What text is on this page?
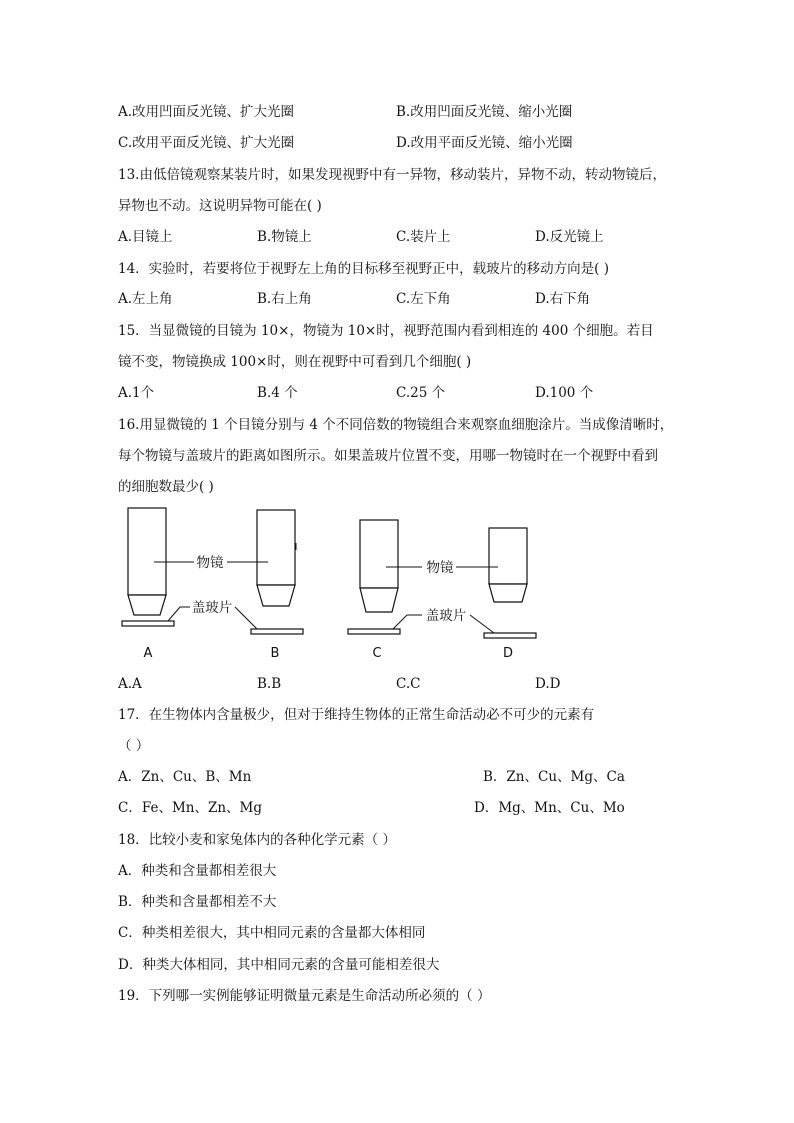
A.改用凹面反光镜、扩大光圈	B.改用凹面反光镜、缩小光圈
C.改用平面反光镜、扩大光圈	D.改用平面反光镜、缩小光圈
13.由低倍镜观察某装片时，如果发现视野中有一异物，移动装片，异物不动，转动物镜后，
异物也不动。这说明异物可能在( )
A.目镜上	B.物镜上	C.装片上	D.反光镜上
14．实验时，若要将位于视野左上角的目标移至视野正中，载玻片的移动方向是( )
A.左上角	B.右上角	C.左下角	D.右下角
15．当显微镜的目镜为 10×，物镜为 10×时，视野范围内看到相连的 400 个细胞。若目
镜不变，物镜换成 100×时，则在视野中可看到几个细胞( )
A.1个	B.4 个	C.25 个	D.100 个
16.用显微镜的 1 个目镜分别与 4 个不同倍数的物镜组合来观察血细胞涂片。当成像清晰时，
每个物镜与盖玻片的距离如图所示。如果盖玻片位置不变，用哪一物镜时在一个视野中看到
的细胞数最少( )
物镜
盖玻片
物镜
盖玻片
A	B	C	D
A.A	B.B	C.C	D.D
17．在生物体内含量极少，但对于维持生物体的正常生命活动必不可少的元素有
（ ）
A．Zn、Cu、B、Mn	B．Zn、Cu、Mg、Ca
C．Fe、Mn、Zn、Mg	D．Mg、Mn、Cu、Mo
18．比较小麦和家兔体内的各种化学元素（ ）
A．种类和含量都相差很大
B．种类和含量都相差不大
C．种类相差很大，其中相同元素的含量都大体相同
D．种类大体相同，其中相同元素的含量可能相差很大
19．下列哪一实例能够证明微量元素是生命活动所必须的（ ）
